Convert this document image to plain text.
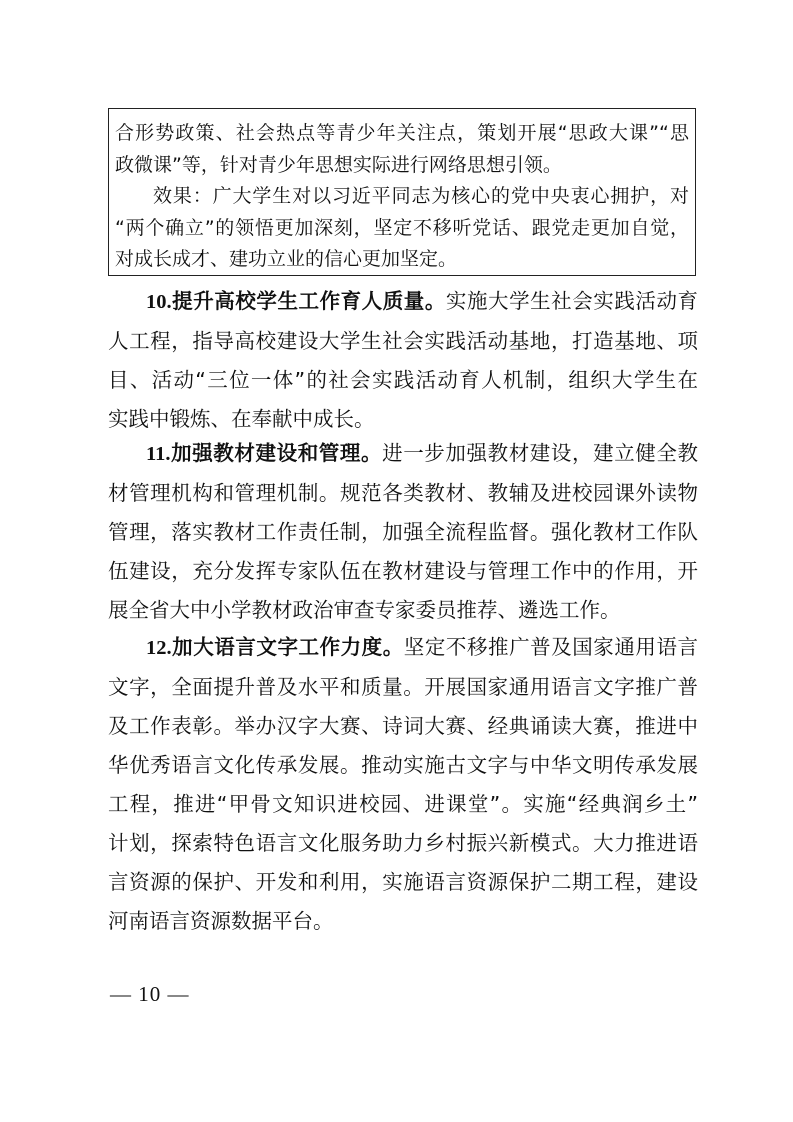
合形势政策、社会热点等青少年关注点，策划开展“思政大课”“思

政微课”等，针对青少年思想实际进行网络思想引领。

效果：广大学生对以习近平同志为核心的党中央衷心拥护，对

“两个确立”的领悟更加深刻，坚定不移听党话、跟党走更加自觉，

对成长成才、建功立业的信心更加坚定。

10.提升高校学生工作育人质量。实施大学生社会实践活动育

人工程，指导高校建设大学生社会实践活动基地，打造基地、项

目、活动“三位一体”的社会实践活动育人机制，组织大学生在

实践中锻炼、在奉献中成长。

11.加强教材建设和管理。进一步加强教材建设，建立健全教

材管理机构和管理机制。规范各类教材、教辅及进校园课外读物

管理，落实教材工作责任制，加强全流程监督。强化教材工作队

伍建设，充分发挥专家队伍在教材建设与管理工作中的作用，开

展全省大中小学教材政治审查专家委员推荐、遴选工作。

12.加大语言文字工作力度。坚定不移推广普及国家通用语言

文字，全面提升普及水平和质量。开展国家通用语言文字推广普

及工作表彰。举办汉字大赛、诗词大赛、经典诵读大赛，推进中

华优秀语言文化传承发展。推动实施古文字与中华文明传承发展

工程，推进“甲骨文知识进校园、进课堂”。实施“经典润乡土”

计划，探索特色语言文化服务助力乡村振兴新模式。大力推进语

言资源的保护、开发和利用，实施语言资源保护二期工程，建设

河南语言资源数据平台。

— 10 —
